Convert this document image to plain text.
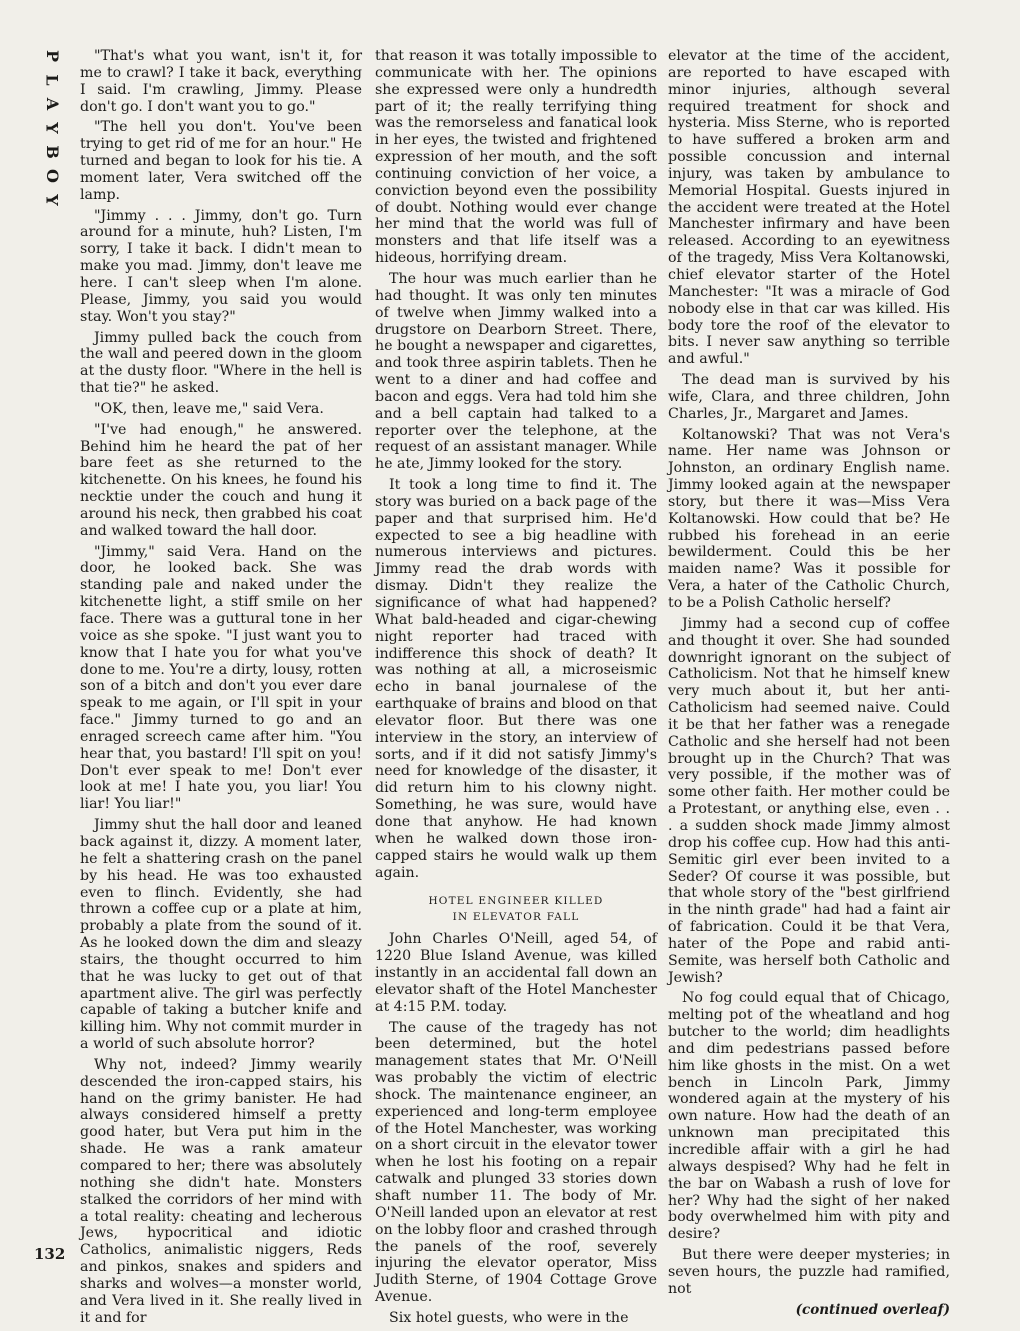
P
L
A
Y
B
O
Y
132

"That's what you want, isn't it, for me to crawl? I take it back, everything I said. I'm crawling, Jimmy. Please don't go. I don't want you to go."

"The hell you don't. You've been trying to get rid of me for an hour." He turned and began to look for his tie. A moment later, Vera switched off the lamp.

"Jimmy . . . Jimmy, don't go. Turn around for a minute, huh? Listen, I'm sorry, I take it back. I didn't mean to make you mad. Jimmy, don't leave me here. I can't sleep when I'm alone. Please, Jimmy, you said you would stay. Won't you stay?"

Jimmy pulled back the couch from the wall and peered down in the gloom at the dusty floor. "Where in the hell is that tie?" he asked.

"OK, then, leave me," said Vera.

"I've had enough," he answered. Behind him he heard the pat of her bare feet as she returned to the kitchenette. On his knees, he found his necktie under the couch and hung it around his neck, then grabbed his coat and walked toward the hall door.

"Jimmy," said Vera. Hand on the door, he looked back. She was standing pale and naked under the kitchenette light, a stiff smile on her face. There was a guttural tone in her voice as she spoke. "I just want you to know that I hate you for what you've done to me. You're a dirty, lousy, rotten son of a bitch and don't you ever dare speak to me again, or I'll spit in your face." Jimmy turned to go and an enraged screech came after him. "You hear that, you bastard! I'll spit on you! Don't ever speak to me! Don't ever look at me! I hate you, you liar! You liar! You liar!"

Jimmy shut the hall door and leaned back against it, dizzy. A moment later, he felt a shattering crash on the panel by his head. He was too exhausted even to flinch. Evidently, she had thrown a coffee cup or a plate at him, probably a plate from the sound of it. As he looked down the dim and sleazy stairs, the thought occurred to him that he was lucky to get out of that apartment alive. The girl was perfectly capable of taking a butcher knife and killing him. Why not commit murder in a world of such absolute horror?

Why not, indeed? Jimmy wearily descended the iron-capped stairs, his hand on the grimy banister. He had always considered himself a pretty good hater, but Vera put him in the shade. He was a rank amateur compared to her; there was absolutely nothing she didn't hate. Monsters stalked the corridors of her mind with a total reality: cheating and lecherous Jews, hypocritical and idiotic Catholics, animalistic niggers, Reds and pinkos, snakes and spiders and sharks and wolves—a monster world, and Vera lived in it. She really lived in it and for

that reason it was totally impossible to communicate with her. The opinions she expressed were only a hundredth part of it; the really terrifying thing was the remorseless and fanatical look in her eyes, the twisted and frightened expression of her mouth, and the soft continuing conviction of her voice, a conviction beyond even the possibility of doubt. Nothing would ever change her mind that the world was full of monsters and that life itself was a hideous, horrifying dream.

The hour was much earlier than he had thought. It was only ten minutes of twelve when Jimmy walked into a drugstore on Dearborn Street. There, he bought a newspaper and cigarettes, and took three aspirin tablets. Then he went to a diner and had coffee and bacon and eggs. Vera had told him she and a bell captain had talked to a reporter over the telephone, at the request of an assistant manager. While he ate, Jimmy looked for the story.

It took a long time to find it. The story was buried on a back page of the paper and that surprised him. He'd expected to see a big headline with numerous interviews and pictures. Jimmy read the drab words with dismay. Didn't they realize the significance of what had happened? What bald-headed and cigar-chewing night reporter had traced with indifference this shock of death? It was nothing at all, a microseismic echo in banal journalese of the earthquake of brains and blood on that elevator floor. But there was one interview in the story, an interview of sorts, and if it did not satisfy Jimmy's need for knowledge of the disaster, it did return him to his clowny night. Something, he was sure, would have done that anyhow. He had known when he walked down those iron-capped stairs he would walk up them again.

HOTEL ENGINEER KILLED
IN ELEVATOR FALL

John Charles O'Neill, aged 54, of 1220 Blue Island Avenue, was killed instantly in an accidental fall down an elevator shaft of the Hotel Manchester at 4:15 P.M. today.

The cause of the tragedy has not been determined, but the hotel management states that Mr. O'Neill was probably the victim of electric shock. The maintenance engineer, an experienced and long-term employee of the Hotel Manchester, was working on a short circuit in the elevator tower when he lost his footing on a repair catwalk and plunged 33 stories down shaft number 11. The body of Mr. O'Neill landed upon an elevator at rest on the lobby floor and crashed through the panels of the roof, severely injuring the elevator operator, Miss Judith Sterne, of 1904 Cottage Grove Avenue.

Six hotel guests, who were in the

elevator at the time of the accident, are reported to have escaped with minor injuries, although several required treatment for shock and hysteria. Miss Sterne, who is reported to have suffered a broken arm and possible concussion and internal injury, was taken by ambulance to Memorial Hospital. Guests injured in the accident were treated at the Hotel Manchester infirmary and have been released. According to an eyewitness of the tragedy, Miss Vera Koltanowski, chief elevator starter of the Hotel Manchester: "It was a miracle of God nobody else in that car was killed. His body tore the roof of the elevator to bits. I never saw anything so terrible and awful."

The dead man is survived by his wife, Clara, and three children, John Charles, Jr., Margaret and James.

Koltanowski? That was not Vera's name. Her name was Johnson or Johnston, an ordinary English name. Jimmy looked again at the newspaper story, but there it was—Miss Vera Koltanowski. How could that be? He rubbed his forehead in an eerie bewilderment. Could this be her maiden name? Was it possible for Vera, a hater of the Catholic Church, to be a Polish Catholic herself?

Jimmy had a second cup of coffee and thought it over. She had sounded downright ignorant on the subject of Catholicism. Not that he himself knew very much about it, but her anti-Catholicism had seemed naive. Could it be that her father was a renegade Catholic and she herself had not been brought up in the Church? That was very possible, if the mother was of some other faith. Her mother could be a Protestant, or anything else, even . . . a sudden shock made Jimmy almost drop his coffee cup. How had this anti-Semitic girl ever been invited to a Seder? Of course it was possible, but that whole story of the "best girlfriend in the ninth grade" had had a faint air of fabrication. Could it be that Vera, hater of the Pope and rabid anti-Semite, was herself both Catholic and Jewish?

No fog could equal that of Chicago, melting pot of the wheatland and hog butcher to the world; dim headlights and dim pedestrians passed before him like ghosts in the mist. On a wet bench in Lincoln Park, Jimmy wondered again at the mystery of his own nature. How had the death of an unknown man precipitated this incredible affair with a girl he had always despised? Why had he felt in the bar on Wabash a rush of love for her? Why had the sight of her naked body overwhelmed him with pity and desire?

But there were deeper mysteries; in seven hours, the puzzle had ramified, not

(continued overleaf)
